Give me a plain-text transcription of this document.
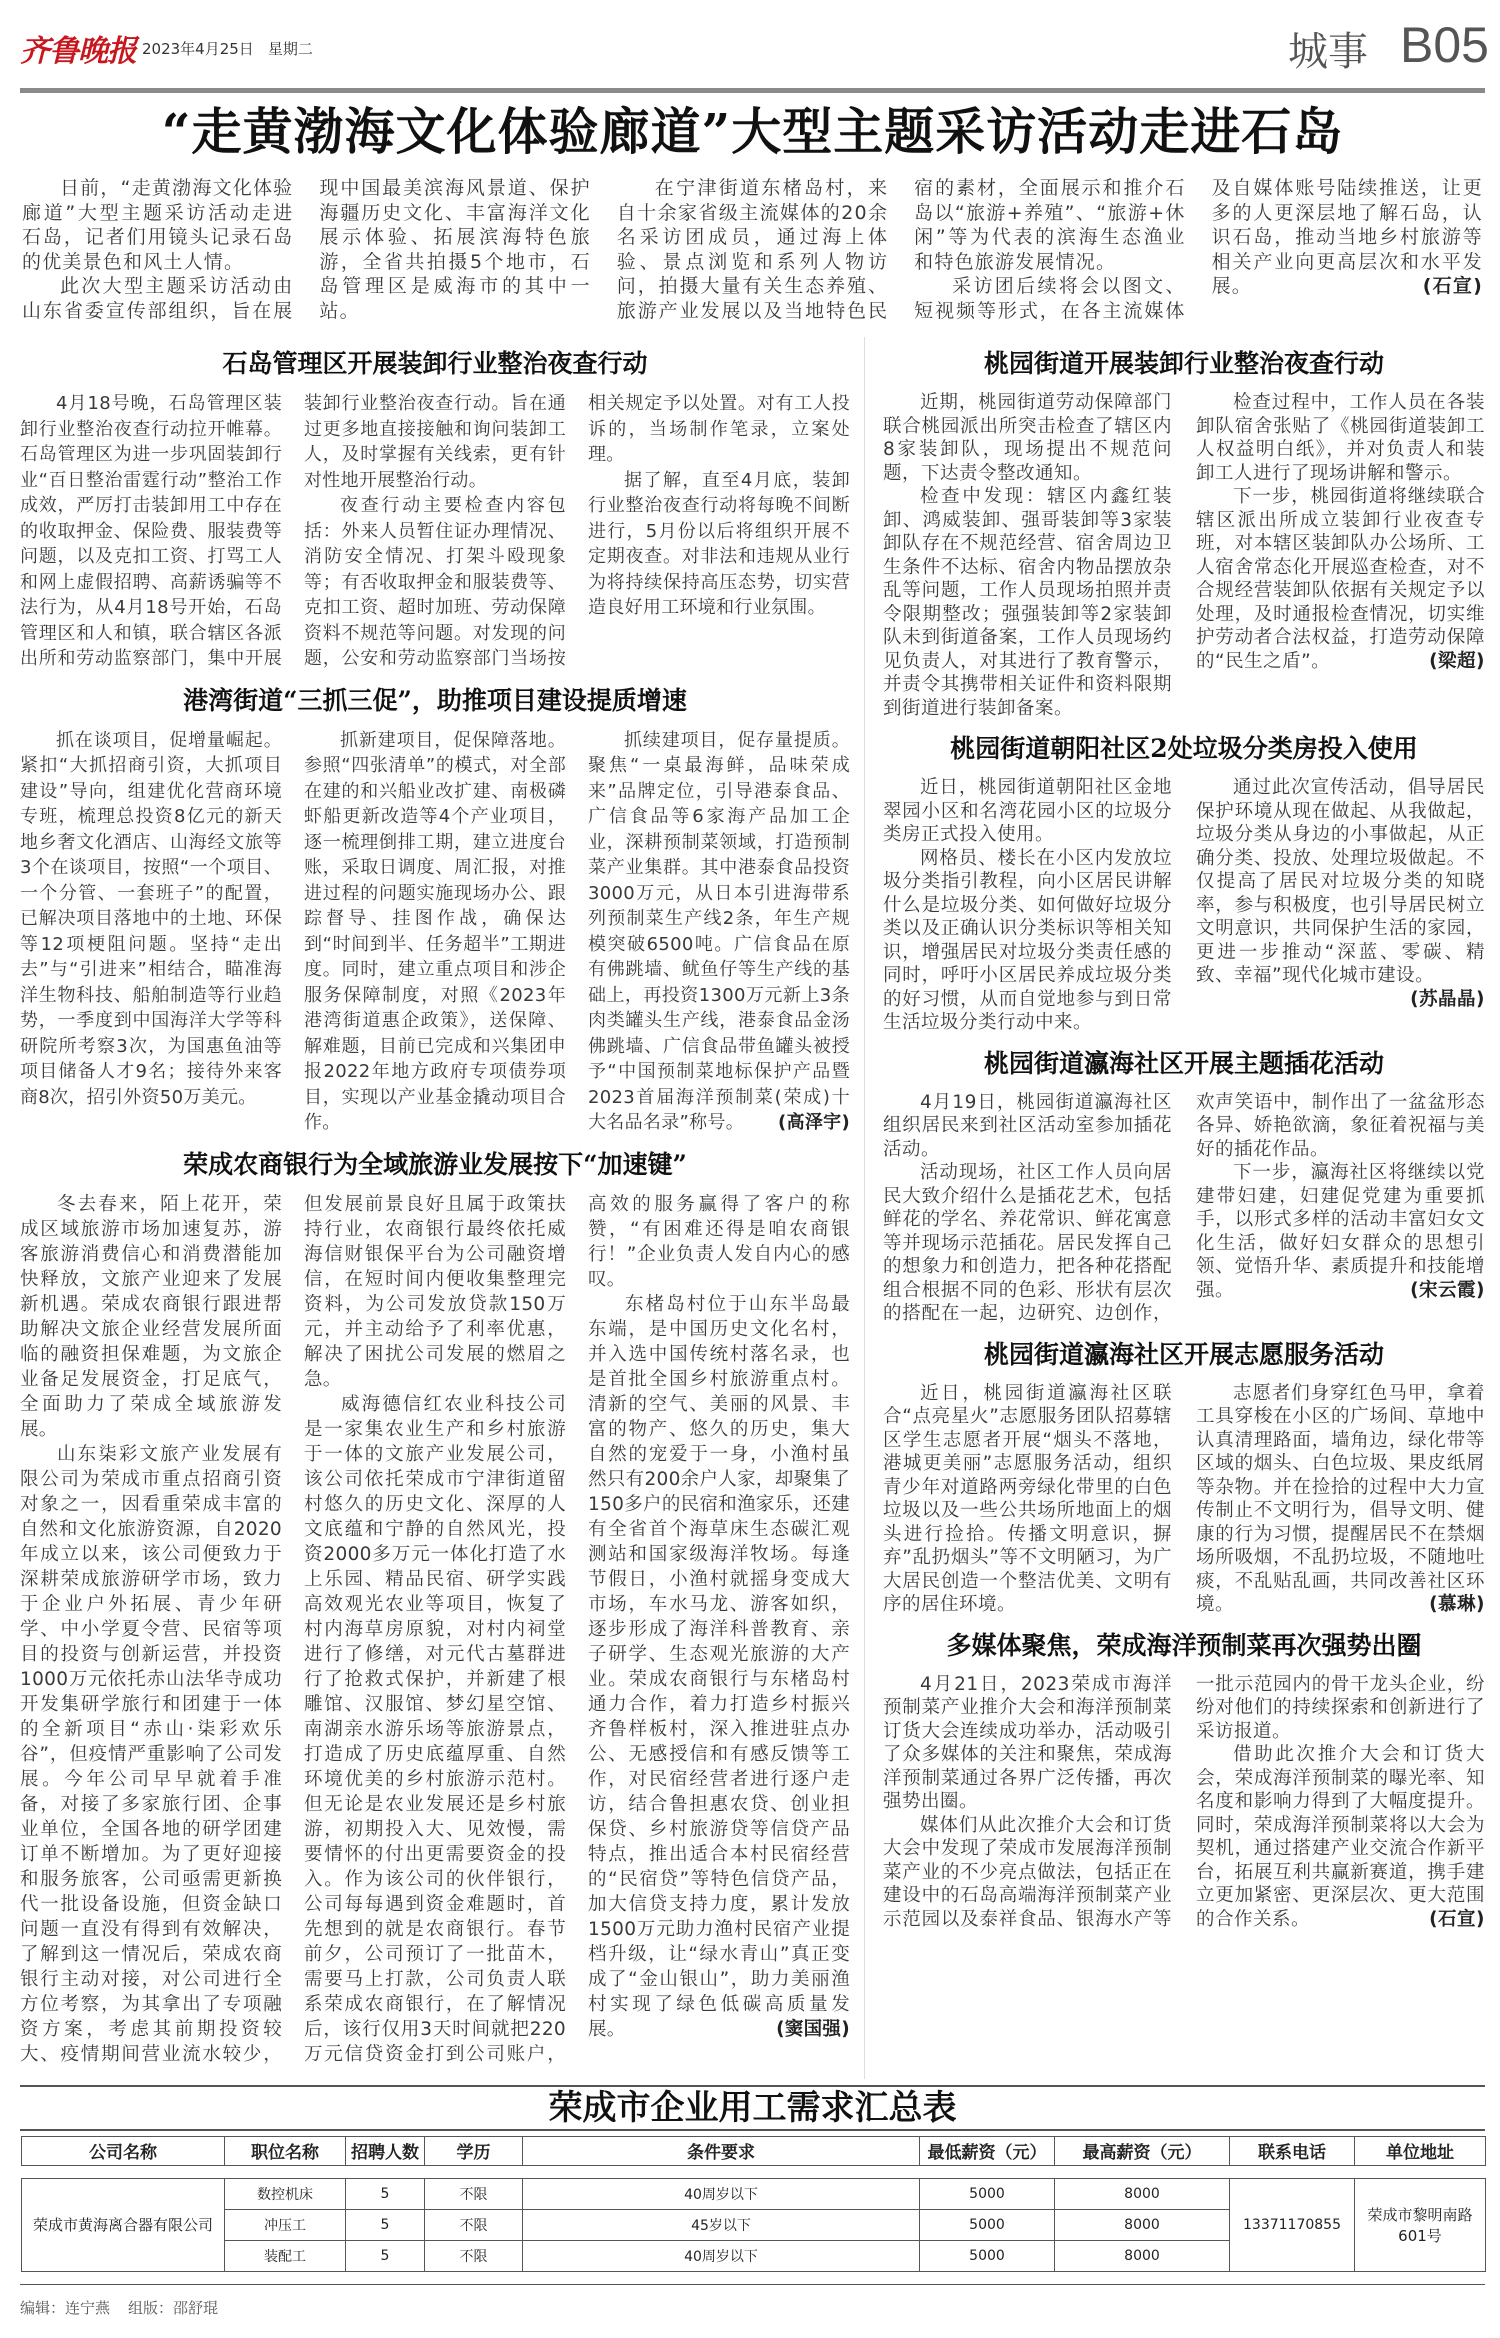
齐鲁晚报 2023年4月25日 星期二	城事 B05
“走黄渤海文化体验廊道”大型主题采访活动走进石岛

日前，“走黄渤海文化体验廊道”大型主题采访活动走进石岛，记者们用镜头记录石岛的优美景色和风土人情。

此次大型主题采访活动由山东省委宣传部组织，旨在展现中国最美滨海风景道、保护海疆历史文化、丰富海洋文化展示体验、拓展滨海特色旅游，全省共拍摄5个地市，石岛管理区是威海市的其中一站。

在宁津街道东楮岛村，来自十余家省级主流媒体的20余名采访团成员，通过海上体验、景点浏览和系列人物访问，拍摄大量有关生态养殖、旅游产业发展以及当地特色民宿的素材，全面展示和推介石岛以“旅游+养殖”、“旅游+休闲”等为代表的滨海生态渔业和特色旅游发展情况。

采访团后续将会以图文、短视频等形式，在各主流媒体及自媒体账号陆续推送，让更多的人更深层地了解石岛，认识石岛，推动当地乡村旅游等相关产业向更高层次和水平发展。	(石宣)

石岛管理区开展装卸行业整治夜查行动

4月18号晚，石岛管理区装卸行业整治夜查行动拉开帷幕。石岛管理区为进一步巩固装卸行业“百日整治雷霆行动”整治工作成效，严厉打击装卸用工中存在的收取押金、保险费、服装费等问题，以及克扣工资、打骂工人和网上虚假招聘、高薪诱骗等不法行为，从4月18号开始，石岛管理区和人和镇，联合辖区各派出所和劳动监察部门，集中开展装卸行业整治夜查行动。旨在通过更多地直接接触和询问装卸工人，及时掌握有关线索，更有针对性地开展整治行动。

夜查行动主要检查内容包括：外来人员暂住证办理情况、消防安全情况、打架斗殴现象等；有否收取押金和服装费等、克扣工资、超时加班、劳动保障资料不规范等问题。对发现的问题，公安和劳动监察部门当场按相关规定予以处置。对有工人投诉的，当场制作笔录，立案处理。

据了解，直至4月底，装卸行业整治夜查行动将每晚不间断进行，5月份以后将组织开展不定期夜查。对非法和违规从业行为将持续保持高压态势，切实营造良好用工环境和行业氛围。

港湾街道“三抓三促”，助推项目建设提质增速

抓在谈项目，促增量崛起。紧扣“大抓招商引资，大抓项目建设”导向，组建优化营商环境专班，梳理总投资8亿元的新天地乡奢文化酒店、山海经文旅等3个在谈项目，按照“一个项目、一个分管、一套班子”的配置，已解决项目落地中的土地、环保等12项梗阻问题。坚持“走出去”与“引进来”相结合，瞄准海洋生物科技、船舶制造等行业趋势，一季度到中国海洋大学等科研院所考察3次，为国惠鱼油等项目储备人才9名；接待外来客商8次，招引外资50万美元。

抓新建项目，促保障落地。参照“四张清单”的模式，对全部在建的和兴船业改扩建、南极磷虾船更新改造等4个产业项目，逐一梳理倒排工期，建立进度台账，采取日调度、周汇报，对推进过程的问题实施现场办公、跟踪督导、挂图作战，确保达到“时间到半、任务超半”工期进度。同时，建立重点项目和涉企服务保障制度，对照《2023年港湾街道惠企政策》，送保障、解难题，目前已完成和兴集团申报2022年地方政府专项债券项目，实现以产业基金撬动项目合作。

抓续建项目，促存量提质。聚焦“一桌最海鲜，品味荣成来”品牌定位，引导港泰食品、广信食品等6家海产品加工企业，深耕预制菜领域，打造预制菜产业集群。其中港泰食品投资3000万元，从日本引进海带系列预制菜生产线2条，年生产规模突破6500吨。广信食品在原有佛跳墙、鱿鱼仔等生产线的基础上，再投资1300万元新上3条肉类罐头生产线，港泰食品金汤佛跳墙、广信食品带鱼罐头被授予“中国预制菜地标保护产品暨2023首届海洋预制菜(荣成)十大名品名录”称号。 (高泽宇)

荣成农商银行为全域旅游业发展按下“加速键”

冬去春来，陌上花开，荣成区域旅游市场加速复苏，游客旅游消费信心和消费潜能加快释放，文旅产业迎来了发展新机遇。荣成农商银行跟进帮助解决文旅企业经营发展所面临的融资担保难题，为文旅企业备足发展资金，打足底气，全面助力了荣成全域旅游发展。

山东柒彩文旅产业发展有限公司为荣成市重点招商引资对象之一，因看重荣成丰富的自然和文化旅游资源，自2020年成立以来，该公司便致力于深耕荣成旅游研学市场，致力于企业户外拓展、青少年研学、中小学夏令营、民宿等项目的投资与创新运营，并投资1000万元依托赤山法华寺成功开发集研学旅行和团建于一体的全新项目“赤山·柒彩欢乐谷”，但疫情严重影响了公司发展。今年公司早早就着手准备，对接了多家旅行团、企事业单位，全国各地的研学团建订单不断增加。为了更好迎接和服务旅客，公司亟需更新换代一批设备设施，但资金缺口问题一直没有得到有效解决，了解到这一情况后，荣成农商银行主动对接，对公司进行全方位考察，为其拿出了专项融资方案，考虑其前期投资较大、疫情期间营业流水较少，但发展前景良好且属于政策扶持行业，农商银行最终依托威海信财银保平台为公司融资增信，在短时间内便收集整理完资料，为公司发放贷款150万元，并主动给予了利率优惠，解决了困扰公司发展的燃眉之急。

威海德信红农业科技公司是一家集农业生产和乡村旅游于一体的文旅产业发展公司，该公司依托荣成市宁津街道留村悠久的历史文化、深厚的人文底蕴和宁静的自然风光，投资2000多万元一体化打造了水上乐园、精品民宿、研学实践高效观光农业等项目，恢复了村内海草房原貌，对村内祠堂进行了修缮，对元代古墓群进行了抢救式保护，并新建了根雕馆、汉服馆、梦幻星空馆、南湖亲水游乐场等旅游景点，打造成了历史底蕴厚重、自然环境优美的乡村旅游示范村。但无论是农业发展还是乡村旅游，初期投入大、见效慢，需要情怀的付出更需要资金的投入。作为该公司的伙伴银行，公司每每遇到资金难题时，首先想到的就是农商银行。春节前夕，公司预订了一批苗木，需要马上打款，公司负责人联系荣成农商银行，在了解情况后，该行仅用3天时间就把220万元信贷资金打到公司账户，高效的服务赢得了客户的称赞，“有困难还得是咱农商银行！”企业负责人发自内心的感叹。

东楮岛村位于山东半岛最东端，是中国历史文化名村，并入选中国传统村落名录，也是首批全国乡村旅游重点村。清新的空气、美丽的风景、丰富的物产、悠久的历史，集大自然的宠爱于一身，小渔村虽然只有200余户人家，却聚集了150多户的民宿和渔家乐，还建有全省首个海草床生态碳汇观测站和国家级海洋牧场。每逢节假日，小渔村就摇身变成大市场，车水马龙、游客如织，逐步形成了海洋科普教育、亲子研学、生态观光旅游的大产业。荣成农商银行与东楮岛村通力合作，着力打造乡村振兴齐鲁样板村，深入推进驻点办公、无感授信和有感反馈等工作，对民宿经营者进行逐户走访，结合鲁担惠农贷、创业担保贷、乡村旅游贷等信贷产品特点，推出适合本村民宿经营的“民宿贷”等特色信贷产品，加大信贷支持力度，累计发放1500万元助力渔村民宿产业提档升级，让“绿水青山”真正变成了“金山银山”，助力美丽渔村实现了绿色低碳高质量发展。	(窦国强)

桃园街道开展装卸行业整治夜查行动

近期，桃园街道劳动保障部门联合桃园派出所突击检查了辖区内8家装卸队，现场提出不规范问题，下达责令整改通知。

检查中发现：辖区内鑫红装卸、鸿威装卸、强哥装卸等3家装卸队存在不规范经营、宿舍周边卫生条件不达标、宿舍内物品摆放杂乱等问题，工作人员现场拍照并责令限期整改；强强装卸等2家装卸队未到街道备案，工作人员现场约见负责人，对其进行了教育警示，并责令其携带相关证件和资料限期到街道进行装卸备案。

检查过程中，工作人员在各装卸队宿舍张贴了《桃园街道装卸工人权益明白纸》，并对负责人和装卸工人进行了现场讲解和警示。

下一步，桃园街道将继续联合辖区派出所成立装卸行业夜查专班，对本辖区装卸队办公场所、工人宿舍常态化开展巡查检查，对不合规经营装卸队依据有关规定予以处理，及时通报检查情况，切实维护劳动者合法权益，打造劳动保障的“民生之盾”。	(梁超)

桃园街道朝阳社区2处垃圾分类房投入使用

近日，桃园街道朝阳社区金地翠园小区和名湾花园小区的垃圾分类房正式投入使用。

网格员、楼长在小区内发放垃圾分类指引教程，向小区居民讲解什么是垃圾分类、如何做好垃圾分类以及正确认识分类标识等相关知识，增强居民对垃圾分类责任感的同时，呼吁小区居民养成垃圾分类的好习惯，从而自觉地参与到日常生活垃圾分类行动中来。

通过此次宣传活动，倡导居民保护环境从现在做起、从我做起，垃圾分类从身边的小事做起，从正确分类、投放、处理垃圾做起。不仅提高了居民对垃圾分类的知晓率，参与积极度，也引导居民树立文明意识，共同保护生活的家园，更进一步推动“深蓝、零碳、精致、幸福”现代化城市建设。
(苏晶晶)

桃园街道瀛海社区开展主题插花活动

4月19日，桃园街道瀛海社区组织居民来到社区活动室参加插花活动。

活动现场，社区工作人员向居民大致介绍什么是插花艺术，包括鲜花的学名、养花常识、鲜花寓意等并现场示范插花。居民发挥自己的想象力和创造力，把各种花搭配组合根据不同的色彩、形状有层次的搭配在一起，边研究、边创作，欢声笑语中，制作出了一盆盆形态各异、娇艳欲滴，象征着祝福与美好的插花作品。

下一步，瀛海社区将继续以党建带妇建，妇建促党建为重要抓手，以形式多样的活动丰富妇女文化生活，做好妇女群众的思想引领、觉悟升华、素质提升和技能增强。	(宋云霞)

桃园街道瀛海社区开展志愿服务活动

近日，桃园街道瀛海社区联合“点亮星火”志愿服务团队招募辖区学生志愿者开展“烟头不落地，港城更美丽”志愿服务活动，组织青少年对道路两旁绿化带里的白色垃圾以及一些公共场所地面上的烟头进行捡拾。传播文明意识，摒弃”乱扔烟头”等不文明陋习，为广大居民创造一个整洁优美、文明有序的居住环境。

志愿者们身穿红色马甲，拿着工具穿梭在小区的广场间、草地中认真清理路面，墙角边，绿化带等区域的烟头、白色垃圾、果皮纸屑等杂物。并在捡拾的过程中大力宣传制止不文明行为，倡导文明、健康的行为习惯，提醒居民不在禁烟场所吸烟，不乱扔垃圾，不随地吐痰，不乱贴乱画，共同改善社区环境。	(慕琳)

多媒体聚焦，荣成海洋预制菜再次强势出圈

4月21日，2023荣成市海洋预制菜产业推介大会和海洋预制菜订货大会连续成功举办，活动吸引了众多媒体的关注和聚焦，荣成海洋预制菜通过各界广泛传播，再次强势出圈。

媒体们从此次推介大会和订货大会中发现了荣成市发展海洋预制菜产业的不少亮点做法，包括正在建设中的石岛高端海洋预制菜产业示范园以及泰祥食品、银海水产等一批示范园内的骨干龙头企业，纷纷对他们的持续探索和创新进行了采访报道。

借助此次推介大会和订货大会，荣成海洋预制菜的曝光率、知名度和影响力得到了大幅度提升。同时，荣成海洋预制菜将以大会为契机，通过搭建产业交流合作新平台，拓展互利共赢新赛道，携手建立更加紧密、更深层次、更大范围的合作关系。	(石宣)

荣成市企业用工需求汇总表
公司名称	职位名称	招聘人数	学历	条件要求	最低薪资（元）	最高薪资（元）	联系电话	单位地址
荣成市黄海离合器有限公司	数控机床	5	不限	40周岁以下	5000	8000	13371170855	荣成市黎明南路601号
	冲压工	5	不限	45岁以下	5000	8000		
	装配工	5	不限	40周岁以下	5000	8000		
编辑：连宁燕 组版：邵舒琨
